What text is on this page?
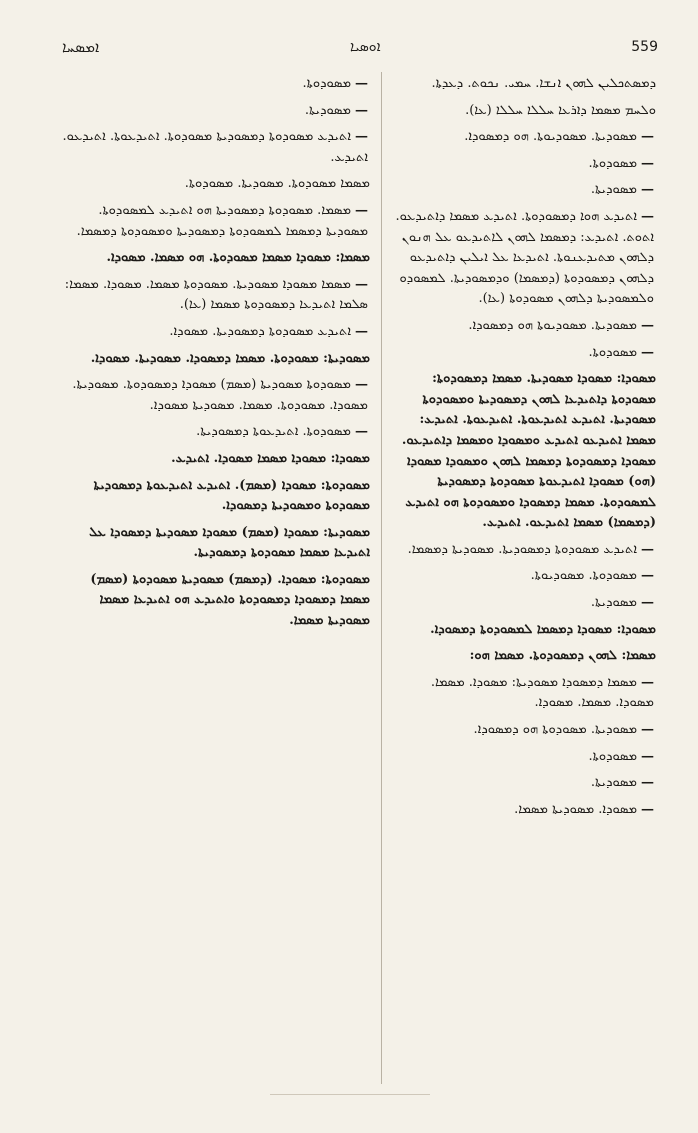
ܐܡܣܚܐ	ܐܘܣܝܐ	559
ܕܡܣܬܟܠܝܢ ܠܗܘܢ ܐܢܫܐ. ܚܡܝ. ܢܟܘܬ. ܕܥܕܬܐ.
ܘܠܚܡ ܡܣܡܐ ܕܐܪܥܐ ܚܠܠܐ ܚܠܠܐ (ܥܐ).
—ܡܣܘܕܝܬܐ. ܡܣܘܕܝܘܬܐ. ܗܘ ܕܡܣܘܕܐ.
—ܡܣܘܕܘܬܐ.
—ܡܣܘܕܝܬܐ.
—ܐܬܝܕܥ ܗܘܐ ܕܡܣܘܕܘܬܐ. ܐܬܝܕܥ ܡܣܡܐ ܕܐܬܝܕܥܘ. ܐܬܘܬ. ܐܬܝܕܥ: ܕܡܣܡܐ ܠܗܘܢ ܠܐܬܝܕܥܘ ܥܠ ܗܢܘܢ ܕܠܗܘܢ ܡܬܝܕܥܢܘܬܐ. ܐܬܝܕܥܐ ܥܠ ܐܝܠܝܢ ܕܐܬܝܕܥܘ ܕܠܗܘܢ ܕܡܣܘܕܘܬܐ (ܕܡܣܡܐ) ܘܕܡܣܘܕܝܬܐ. ܠܡܣܘܕܘ ܘܠܡܣܘܕܝܬܐ ܕܠܗܘܢ ܡܣܘܕܘܬܐ (ܥܐ).
—ܡܣܘܕܝܬܐ. ܡܣܘܕܝܘܬܐ ܗܘ ܕܡܣܘܕܐ.
—ܡܣܘܕܘܬܐ.
ܡܣܘܕܐ: ܡܣܘܕܐ ܡܣܘܕܝܬܐ. ܡܣܡܐ ܕܡܣܘܕܘܬܐ: ܡܣܘܕܘܬܐ ܕܐܬܝܕܥܐ ܠܗܘܢ ܕܡܣܘܕܝܬܐ ܘܡܣܘܕܘܬܐ ܡܣܘܕܝܬܐ. ܐܬܝܕܥ ܐܬܝܕܥܘܬܐ. ܐܬܝܕܥܘܬܐ. ܐܬܝܕܥ: ܡܣܡܐ ܐܬܝܕܥܘ ܐܬܝܕܥ ܘܡܣܘܕܐ ܘܡܣܡܐ ܕܐܬܝܕܥܘ. ܡܣܘܕܐ ܕܡܣܘܕܘܬܐ ܕܡܣܡܐ ܠܗܘܢ ܘܡܣܘܕܐ ܡܣܘܕܐ (ܗܘ) ܡܣܘܕܐ ܐܬܝܕܥܘܬܐ ܡܣܘܕܘܬܐ ܕܡܣܘܕܝܬܐ ܠܡܣܘܕܘܬܐ. ܡܣܡܐ ܕܡܣܘܕܐ ܘܡܣܘܕܘܬܐ ܗܘ ܐܬܝܕܥ (ܕܡܣܡܐ) ܡܣܡܐ ܐܬܝܕܥܘ. ܐܬܝܕܥ.
—ܐܬܝܕܥ ܡܣܘܕܘܬܐ ܕܡܣܘܕܝܬܐ. ܡܣܘܕܝܬܐ ܕܡܣܡܐ.
—ܡܣܘܕܘܬܐ. ܡܣܘܕܝܘܬܐ.
—ܡܣܘܕܝܬܐ.
ܡܣܘܕܐ: ܡܣܘܕܐ ܕܡܣܡܐ ܠܡܣܘܕܘܬܐ ܕܡܣܘܕܐ.
ܡܣܡܐ: ܠܗܘܢ ܕܡܣܘܕܘܬܐ. ܡܣܡܐ ܗܘ:
—ܡܣܡܐ ܕܡܣܘܕܐ ܡܣܘܕܝܬܐ: ܡܣܘܕܐ. ܡܣܡܐ. ܡܣܘܕܐ. ܡܣܡܐ. ܡܣܘܕܐ.
—ܡܣܘܕܝܬܐ. ܡܣܘܕܘܬܐ ܗܘ ܕܡܣܘܕܐ.
—ܡܣܘܕܘܬܐ.
—ܡܣܘܕܝܬܐ.
—ܡܣܘܕܐ. ܡܣܘܕܝܬܐ ܡܣܡܐ.
—ܡܣܘܕܘܬܐ.
—ܡܣܘܕܝܬܐ.
—ܐܬܝܕܥ ܡܣܘܕܘܬܐ ܕܡܣܘܕܝܬܐ ܡܣܘܕܘܬܐ. ܐܬܝܕܥܘܬܐ. ܐܬܝܕܥܘ. ܐܬܝܕܥ.
ܡܣܡܐ ܡܣܘܕܘܬܐ. ܡܣܘܕܝܬܐ. ܡܣܘܕܘܬܐ.
—ܡܣܡܐ. ܡܣܘܕܘܬܐ ܕܡܣܘܕܝܬܐ ܗܘ ܐܬܝܕܥ ܠܡܣܘܕܘܬܐ. ܡܣܘܕܝܬܐ ܕܡܣܡܐ ܠܡܣܘܕܘܬܐ ܕܡܣܘܕܝܬܐ ܘܡܣܘܕܘܬܐ ܕܡܣܡܐ.
ܡܣܡܐ: ܡܣܘܕܐ ܡܣܡܐ ܡܣܘܕܘܬܐ. ܗܘ ܡܣܡܐ. ܡܣܘܕܐ.
—ܡܣܡܐ ܡܣܘܕܐ ܡܣܘܕܝܬܐ. ܡܣܘܕܘܬܐ ܡܣܡܐ. ܡܣܘܕܐ. ܡܣܡܐ: ܣܠܡܐ ܐܬܝܕܥܐ ܕܡܣܘܕܘܬܐ ܡܣܡܐ (ܥܐ).
—ܐܬܝܕܥ ܡܣܘܕܘܬܐ ܕܡܣܘܕܝܬܐ. ܡܣܘܕܐ.
ܡܣܘܕܝܬܐ: ܡܣܘܕܘܬܐ. ܡܣܡܐ ܕܡܣܘܕܐ. ܡܣܘܕܝܬܐ. ܡܣܘܕܐ.
—ܡܣܘܕܘܬܐ ܡܣܘܕܝܬܐ (ܡܣܡ) ܡܣܘܕܐ ܕܡܣܘܕܘܬܐ. ܡܣܘܕܝܬܐ. ܡܣܘܕܐ. ܡܣܘܕܘܬܐ. ܡܣܡܐ. ܡܣܘܕܝܬܐ ܡܣܘܕܐ.
—ܡܣܘܕܘܬܐ. ܐܬܝܕܥܘܬܐ ܕܡܣܘܕܝܬܐ.
ܡܣܘܕܐ: ܡܣܘܕܐ ܡܣܡܐ ܡܣܘܕܐ. ܐܬܝܕܥ.
ܡܣܘܕܘܬܐ: ܡܣܘܕܐ (ܡܣܡ). ܐܬܝܕܥ ܐܬܝܕܥܘܬܐ ܕܡܣܘܕܝܬܐ ܡܣܘܕܘܬܐ ܘܡܣܘܕܝܬܐ ܕܡܣܘܕܐ.
ܡܣܘܕܝܬܐ: ܡܣܘܕܐ (ܡܣܡ) ܡܣܘܕܐ ܡܣܘܕܝܬܐ ܕܡܣܘܕܐ ܥܠ ܐܬܝܕܥܐ ܡܣܡܐ ܡܣܘܕܘܬܐ ܕܡܣܘܕܝܬܐ.
ܡܣܘܕܘܬܐ: ܡܣܘܕܐ. (ܕܡܣܡ) ܡܣܘܕܝܬܐ ܡܣܘܕܘܬܐ (ܡܣܡ) ܡܣܡܐ ܕܡܣܘܕܐ ܕܡܣܘܕܘܬܐ ܘܐܬܝܕܥ ܗܘ ܐܬܝܕܥܐ ܡܣܡܐ ܡܣܘܕܝܬܐ ܡܣܡܐ.
